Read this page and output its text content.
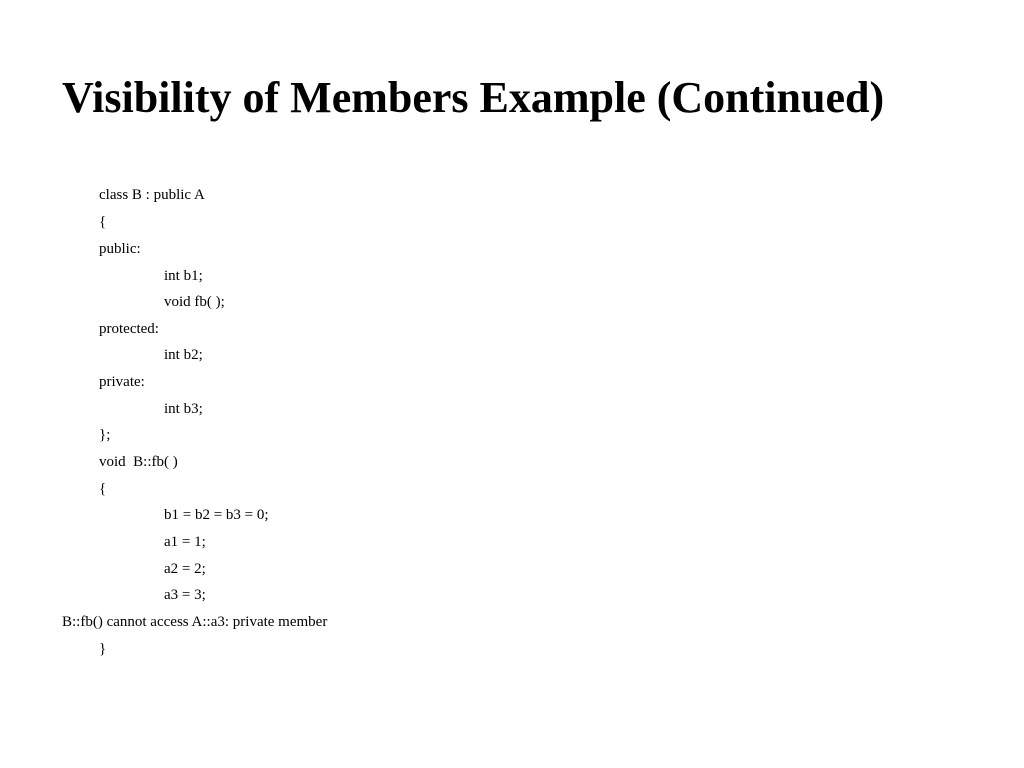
Visibility of Members Example (Continued)
class B : public A
{
public:
int b1;
void fb( );
protected:
int b2;
private:
int b3;
};
void  B::fb( )
{
b1 = b2 = b3 = 0;
a1 = 1;
a2 = 2;
a3 = 3;
B::fb() cannot access A::a3: private member
}
